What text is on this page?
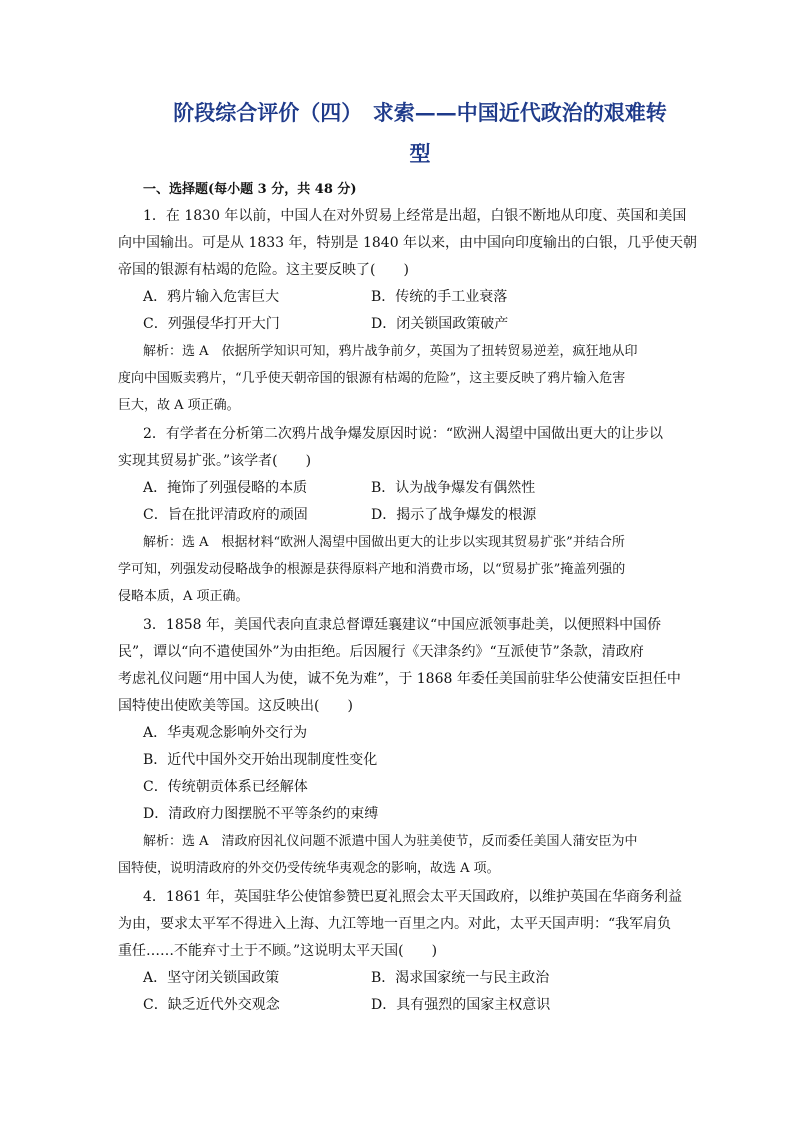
阶段综合评价（四）　求索——中国近代政治的艰难转
型
一、选择题(每小题 3 分，共 48 分)
1．在 1830 年以前，中国人在对外贸易上经常是出超，白银不断地从印度、英国和美国
向中国输出。可是从 1833 年，特别是 1840 年以来，由中国向印度输出的白银，几乎使天朝
帝国的银源有枯竭的危险。这主要反映了(　　)
A．鸦片输入危害巨大	B．传统的手工业衰落
C．列强侵华打开大门	D．闭关锁国政策破产
解析：选 A　依据所学知识可知，鸦片战争前夕，英国为了扭转贸易逆差，疯狂地从印
度向中国贩卖鸦片，“几乎使天朝帝国的银源有枯竭的危险”，这主要反映了鸦片输入危害
巨大，故 A 项正确。
2．有学者在分析第二次鸦片战争爆发原因时说：“欧洲人渴望中国做出更大的让步以
实现其贸易扩张。”该学者(　　)
A．掩饰了列强侵略的本质	B．认为战争爆发有偶然性
C．旨在批评清政府的顽固	D．揭示了战争爆发的根源
解析：选 A　根据材料“欧洲人渴望中国做出更大的让步以实现其贸易扩张”并结合所
学可知，列强发动侵略战争的根源是获得原料产地和消费市场，以“贸易扩张”掩盖列强的
侵略本质，A 项正确。
3．1858 年，美国代表向直隶总督谭廷襄建议“中国应派领事赴美，以便照料中国侨
民”，谭以“向不遣使国外”为由拒绝。后因履行《天津条约》“互派使节”条款，清政府
考虑礼仪问题“用中国人为使，诚不免为难”，于 1868 年委任美国前驻华公使蒲安臣担任中
国特使出使欧美等国。这反映出(　　)
A．华夷观念影响外交行为
B．近代中国外交开始出现制度性变化
C．传统朝贡体系已经解体
D．清政府力图摆脱不平等条约的束缚
解析：选 A　清政府因礼仪问题不派遣中国人为驻美使节，反而委任美国人蒲安臣为中
国特使，说明清政府的外交仍受传统华夷观念的影响，故选 A 项。
4．1861 年，英国驻华公使馆参赞巴夏礼照会太平天国政府，以维护英国在华商务利益
为由，要求太平军不得进入上海、九江等地一百里之内。对此，太平天国声明：“我军肩负
重任……不能弃寸土于不顾。”这说明太平天国(　　)
A．坚守闭关锁国政策	B．渴求国家统一与民主政治
C．缺乏近代外交观念	D．具有强烈的国家主权意识
